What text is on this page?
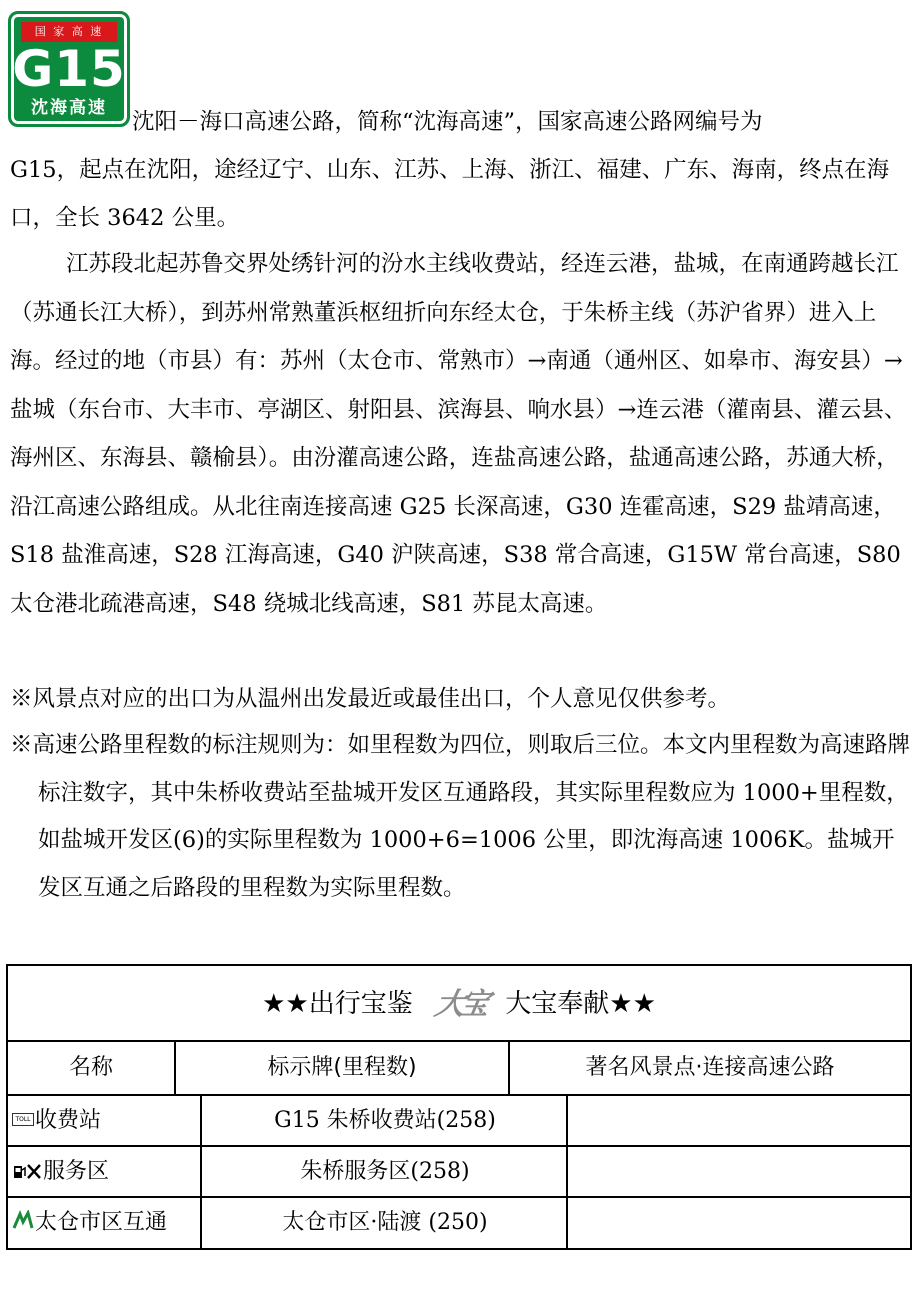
国 家 高 速
G15
沈海高速
沈阳－海口高速公路，简称“沈海高速”，国家高速公路网编号为
G15，起点在沈阳，途经辽宁、山东、江苏、上海、浙江、福建、广东、海南，终点在海口，全长 3642 公里。

江苏段北起苏鲁交界处绣针河的汾水主线收费站，经连云港，盐城，在南通跨越长江（苏通长江大桥），到苏州常熟董浜枢纽折向东经太仓，于朱桥主线（苏沪省界）进入上海。经过的地（市县）有：苏州（太仓市、常熟市）→南通（通州区、如皋市、海安县）→盐城（东台市、大丰市、亭湖区、射阳县、滨海县、响水县）→连云港（灌南县、灌云县、海州区、东海县、赣榆县）。由汾灌高速公路，连盐高速公路，盐通高速公路，苏通大桥，沿江高速公路组成。从北往南连接高速 G25 长深高速，G30 连霍高速，S29 盐靖高速，S18 盐淮高速，S28 江海高速，G40 沪陕高速，S38 常合高速，G15W 常台高速，S80 太仓港北疏港高速，S48 绕城北线高速，S81 苏昆太高速。

※风景点对应的出口为从温州出发最近或最佳出口，个人意见仅供参考。
※高速公路里程数的标注规则为：如里程数为四位，则取后三位。本文内里程数为高速路牌标注数字，其中朱桥收费站至盐城开发区互通路段，其实际里程数应为 1000+里程数，如盐城开发区(6)的实际里程数为 1000+6=1006 公里，即沈海高速 1006K。盐城开发区互通之后路段的里程数为实际里程数。
★★出行宝鉴 大宝 大宝奉献★★
名称	标示牌(里程数)	著名风景点·连接高速公路
TOLL 收费站	G15 朱桥收费站(258)
服务区	朱桥服务区(258)
太仓市区互通	太仓市区·陆渡 (250)
